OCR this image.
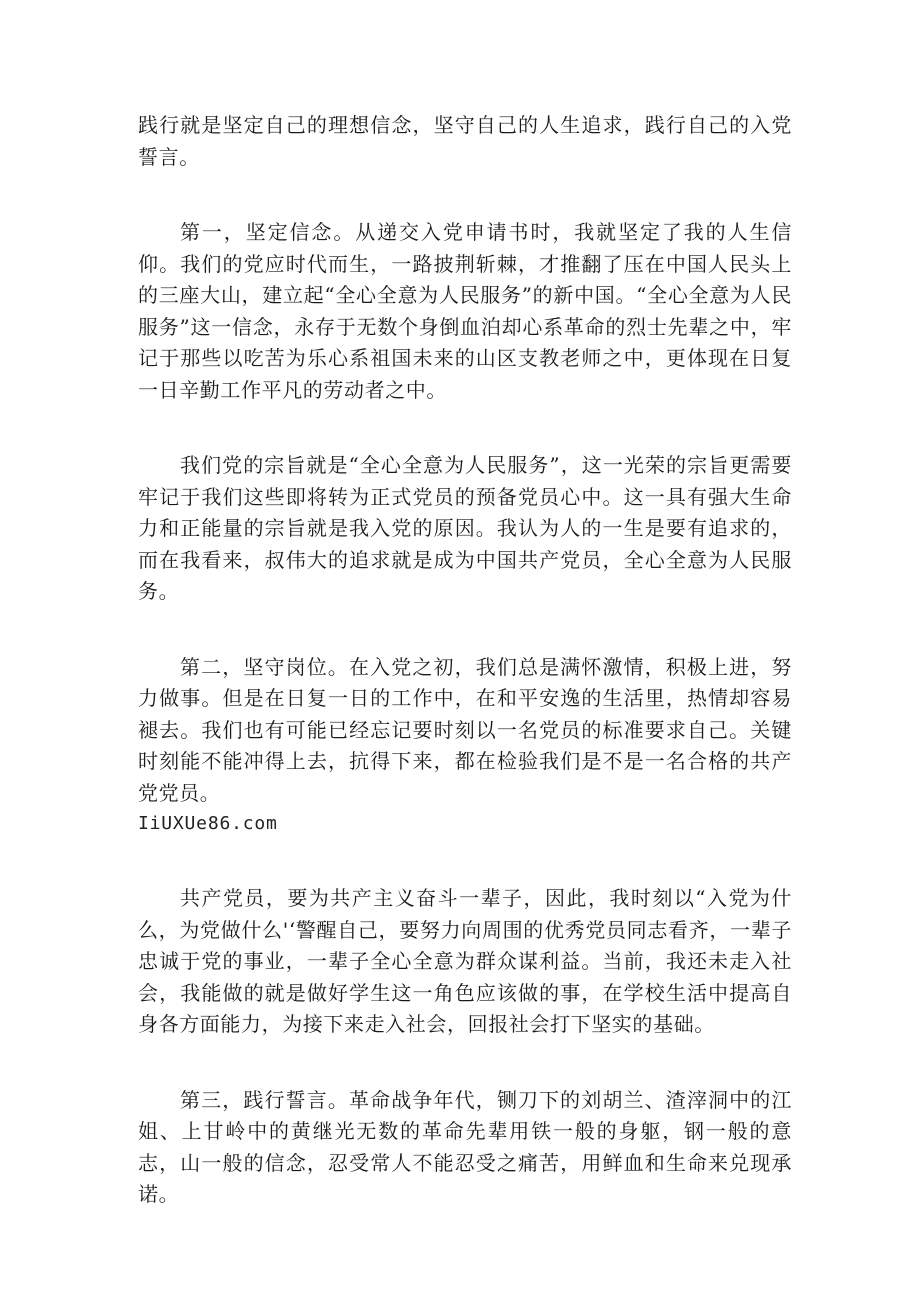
践行就是坚定自己的理想信念，坚守自己的人生追求，践行自己的入党誓言。

第一，坚定信念。从递交入党申请书时，我就坚定了我的人生信仰。我们的党应时代而生，一路披荆斩棘，才推翻了压在中国人民头上的三座大山，建立起“全心全意为人民服务”的新中国。“全心全意为人民服务”这一信念，永存于无数个身倒血泊却心系革命的烈士先辈之中，牢记于那些以吃苦为乐心系祖国未来的山区支教老师之中，更体现在日复一日辛勤工作平凡的劳动者之中。

我们党的宗旨就是“全心全意为人民服务”，这一光荣的宗旨更需要牢记于我们这些即将转为正式党员的预备党员心中。这一具有强大生命力和正能量的宗旨就是我入党的原因。我认为人的一生是要有追求的，而在我看来，叔伟大的追求就是成为中国共产党员，全心全意为人民服务。

第二，坚守岗位。在入党之初，我们总是满怀激情，积极上进，努力做事。但是在日复一日的工作中，在和平安逸的生活里，热情却容易褪去。我们也有可能已经忘记要时刻以一名党员的标准要求自己。关键时刻能不能冲得上去，抗得下来，都在检验我们是不是一名合格的共产党党员。

IiUXUe86.com

共产党员，要为共产主义奋斗一辈子，因此，我时刻以“入党为什么，为党做什么'‘警醒自己，要努力向周围的优秀党员同志看齐，一辈子忠诚于党的事业，一辈子全心全意为群众谋利益。当前，我还未走入社会，我能做的就是做好学生这一角色应该做的事，在学校生活中提高自身各方面能力，为接下来走入社会，回报社会打下坚实的基础。

第三，践行誓言。革命战争年代，铡刀下的刘胡兰、渣滓洞中的江姐、上甘岭中的黄继光无数的革命先辈用铁一般的身躯，钢一般的意志，山一般的信念，忍受常人不能忍受之痛苦，用鲜血和生命来兑现承诺。
